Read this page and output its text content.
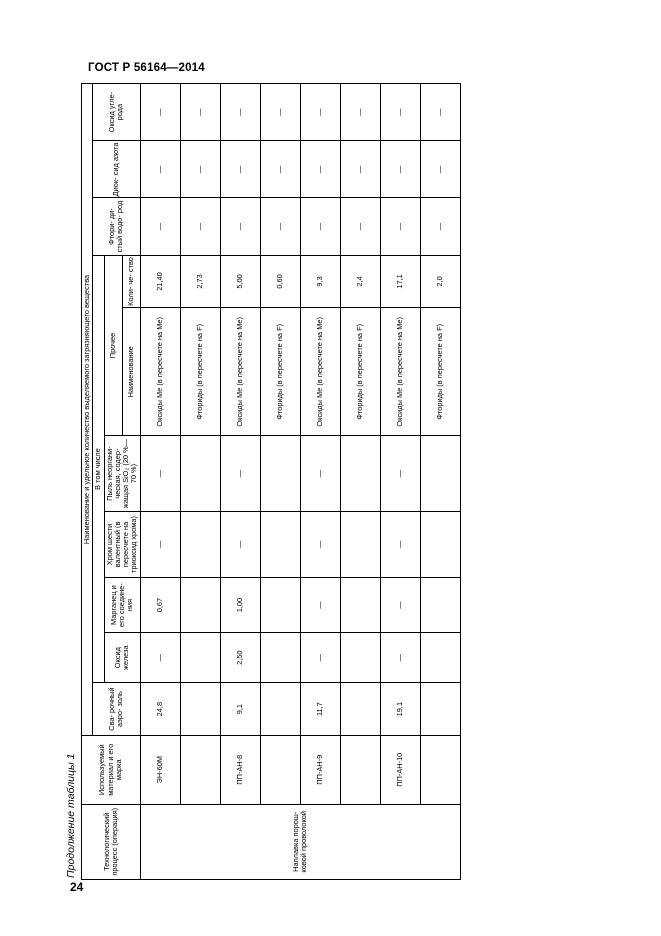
ГОСТ Р 56164—2014
Продолжение таблицы 1	Технологический процесс (операция)	Используемый материал и его марка	Наименование и удельное количество выделяемого загрязняющего вещества									
		Сва- рочный аэро- золь	В том числе						Фтори- ди- стый водо- род	Диок- сид азота	Оксид угле- рода
			Оксид железа	Марганец и его соедине- ния	Хром шести валентный (в пересчете на триоксид хрома)	Пыль неоргани- ческая, содер- жащая SiO₂ (20 %—70 %)	Прочее				
							Наименование	Коли- че- ство			
Наплавка порош- ковой проволокой	ЭН-60М	24,8	—	0,67	—	—	Оксиды Ме (в пересчете на Ме)	21,40	—	—	—
							Фториды (в пересчете на F)	2,73	—	—	—
	ПП-АН-8	9,1	2,50	1,00	—	—	Оксиды Ме (в пересчете на Ме)	5,00	—	—	—
							Фториды (в пересчете на F)	0,60	—	—	—
	ПП-АН-9	11,7	—	—	—	—	Оксиды Ме (в пересчете на Ме)	9,3	—	—	—
							Фториды (в пересчете на F)	2,4	—	—	—
	ПП-АН-10	19,1	—	—	—	—	Оксиды Ме (в пересчете на Ме)	17,1	—	—	—
							Фториды (в пересчете на F)	2,0	—	—	—
24
